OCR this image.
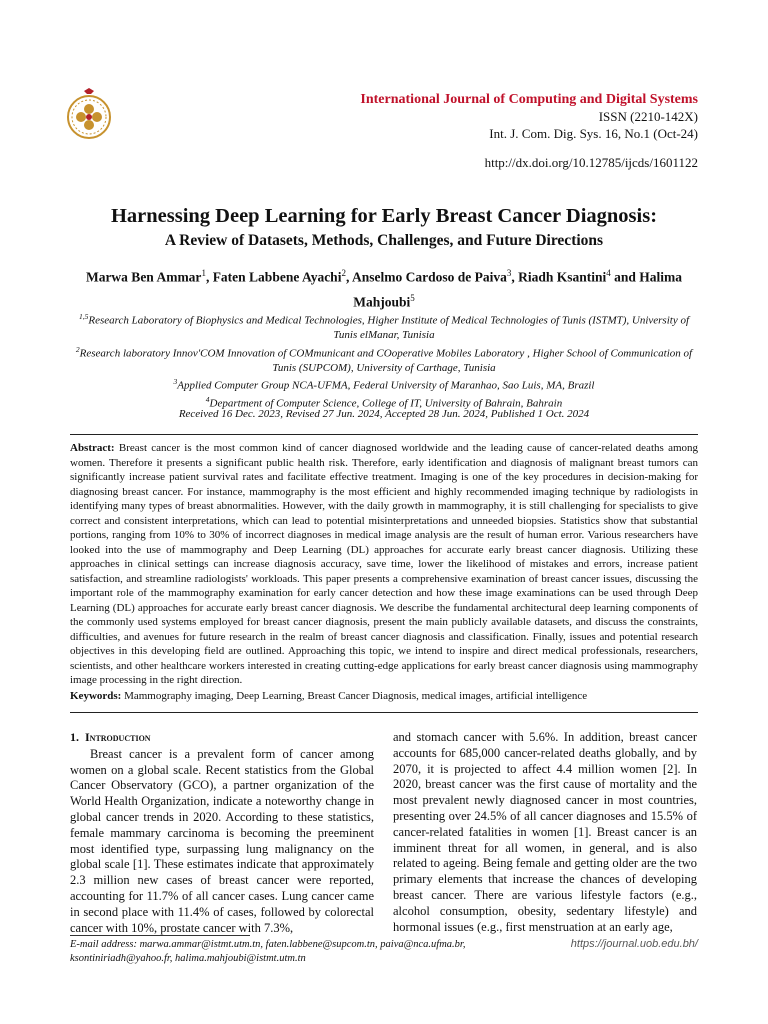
International Journal of Computing and Digital Systems
ISSN (2210-142X)
Int. J. Com. Dig. Sys. 16, No.1 (Oct-24)
http://dx.doi.org/10.12785/ijcds/1601122
Harnessing Deep Learning for Early Breast Cancer Diagnosis:
A Review of Datasets, Methods, Challenges, and Future Directions
Marwa Ben Ammar$^1$, Faten Labbene Ayachi$^2$, Anselmo Cardoso de Paiva$^3$, Riadh Ksantini$^4$ and Halima Mahjoubi$^5$
$^{1,5}$Research Laboratory of Biophysics and Medical Technologies, Higher Institute of Medical Technologies of Tunis (ISTMT), University of Tunis elManar, Tunisia
$^2$Research laboratory Innov'COM Innovation of COMmunicant and COoperative Mobiles Laboratory , Higher School of Communication of Tunis (SUPCOM), University of Carthage, Tunisia
$^3$Applied Computer Group NCA-UFMA, Federal University of Maranhao, Sao Luis, MA, Brazil
$^4$Department of Computer Science, College of IT, University of Bahrain, Bahrain
Received 16 Dec. 2023, Revised 27 Jun. 2024, Accepted 28 Jun. 2024, Published 1 Oct. 2024
Abstract: Breast cancer is the most common kind of cancer diagnosed worldwide and the leading cause of cancer-related deaths among women. Therefore it presents a significant public health risk. Therefore, early identification and diagnosis of malignant breast tumors can significantly increase patient survival rates and facilitate effective treatment. Imaging is one of the key procedures in decision-making for diagnosing breast cancer. For instance, mammography is the most efficient and highly recommended imaging technique by radiologists in identifying many types of breast abnormalities. However, with the daily growth in mammography, it is still challenging for specialists to give correct and consistent interpretations, which can lead to potential misinterpretations and unneeded biopsies. Statistics show that substantial portions, ranging from 10% to 30% of incorrect diagnoses in medical image analysis are the result of human error. Various researchers have looked into the use of mammography and Deep Learning (DL) approaches for accurate early breast cancer diagnosis. Utilizing these approaches in clinical settings can increase diagnosis accuracy, save time, lower the likelihood of mistakes and errors, increase patient satisfaction, and streamline radiologists' workloads. This paper presents a comprehensive examination of breast cancer issues, discussing the important role of the mammography examination for early cancer detection and how these image examinations can be used through Deep Learning (DL) approaches for accurate early breast cancer diagnosis. We describe the fundamental architectural deep learning components of the commonly used systems employed for breast cancer diagnosis, present the main publicly available datasets, and discuss the constraints, difficulties, and avenues for future research in the realm of breast cancer diagnosis and classification. Finally, issues and potential research objectives in this developing field are outlined. Approaching this topic, we intend to inspire and direct medical professionals, researchers, scientists, and other healthcare workers interested in creating cutting-edge applications for early breast cancer diagnosis using mammography image processing in the right direction.
Keywords: Mammography imaging, Deep Learning, Breast Cancer Diagnosis, medical images, artificial intelligence
1. Introduction

Breast cancer is a prevalent form of cancer among women on a global scale. Recent statistics from the Global Cancer Observatory (GCO), a partner organization of the World Health Organization, indicate a noteworthy change in global cancer trends in 2020. According to these statistics, female mammary carcinoma is becoming the preeminent most identified type, surpassing lung malignancy on the global scale [1]. These estimates indicate that approximately 2.3 million new cases of breast cancer were reported, accounting for 11.7% of all cancer cases. Lung cancer came in second place with 11.4% of cases, followed by colorectal cancer with 10%, prostate cancer with 7.3%,

and stomach cancer with 5.6%. In addition, breast cancer accounts for 685,000 cancer-related deaths globally, and by 2070, it is projected to affect 4.4 million women [2]. In 2020, breast cancer was the first cause of mortality and the most prevalent newly diagnosed cancer in most countries, presenting over 24.5% of all cancer diagnoses and 15.5% of cancer-related fatalities in women [1]. Breast cancer is an imminent threat for all women, in general, and is also related to ageing. Being female and getting older are the two primary elements that increase the chances of developing breast cancer. There are various lifestyle factors (e.g., alcohol consumption, obesity, sedentary lifestyle) and hormonal issues (e.g., first menstruation at an early age,

E-mail address: marwa.ammar@istmt.utm.tn, faten.labbene@supcom.tn, paiva@nca.ufma.br,
ksontiniriadh@yahoo.fr, halima.mahjoubi@istmt.utm.tn
https://journal.uob.edu.bh/
